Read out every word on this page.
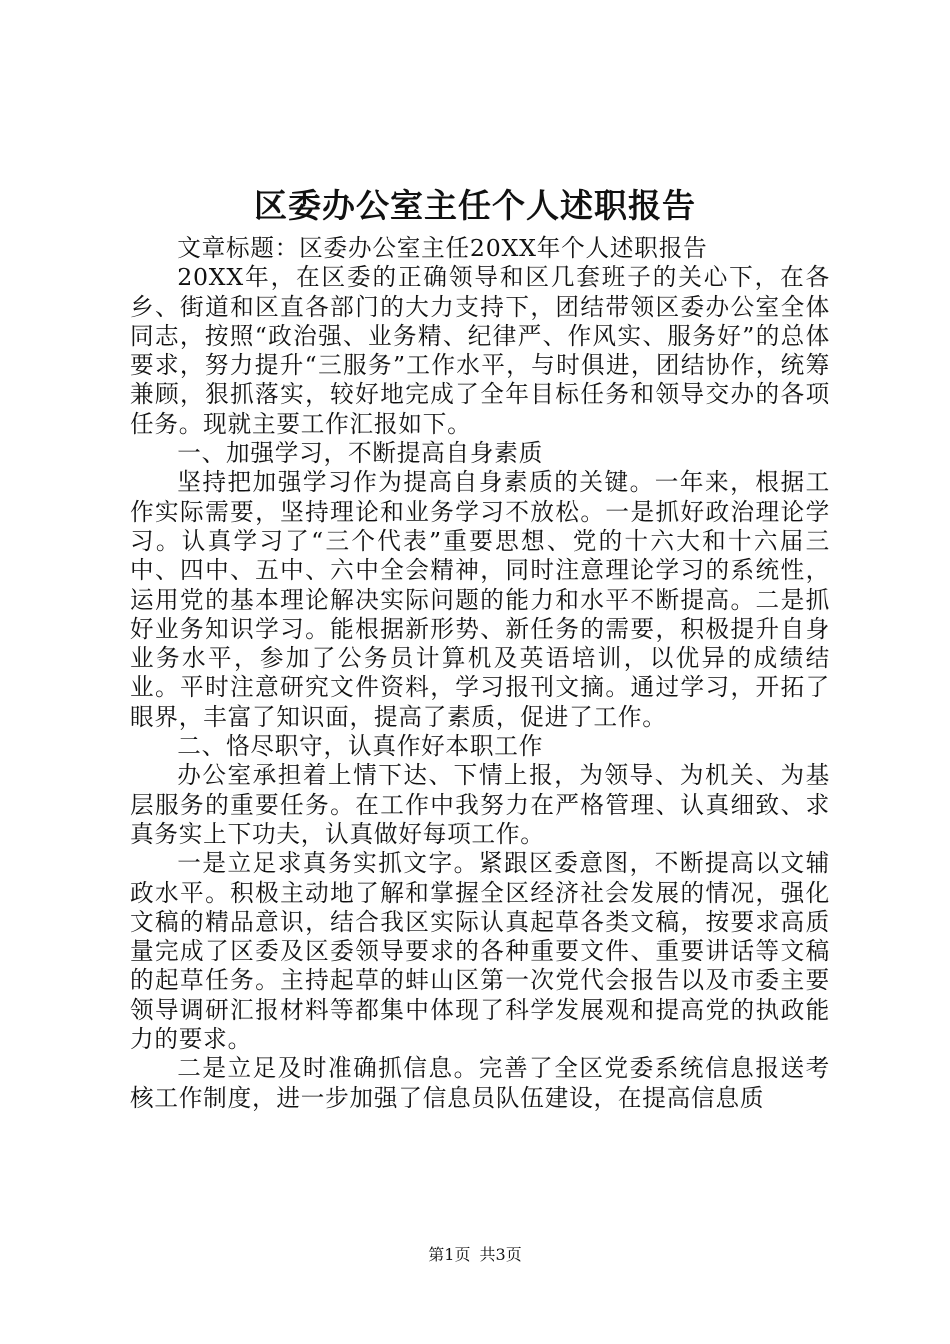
区委办公室主任个人述职报告

文章标题：区委办公室主任20XX年个人述职报告

20XX年，在区委的正确领导和区几套班子的关心下，在各乡、街道和区直各部门的大力支持下，团结带领区委办公室全体同志，按照“政治强、业务精、纪律严、作风实、服务好”的总体要求，努力提升“三服务”工作水平，与时俱进，团结协作，统筹兼顾，狠抓落实，较好地完成了全年目标任务和领导交办的各项任务。现就主要工作汇报如下。

一、加强学习，不断提高自身素质

坚持把加强学习作为提高自身素质的关键。一年来，根据工作实际需要，坚持理论和业务学习不放松。一是抓好政治理论学习。认真学习了“三个代表”重要思想、党的十六大和十六届三中、四中、五中、六中全会精神，同时注意理论学习的系统性，运用党的基本理论解决实际问题的能力和水平不断提高。二是抓好业务知识学习。能根据新形势、新任务的需要，积极提升自身业务水平，参加了公务员计算机及英语培训，以优异的成绩结业。平时注意研究文件资料，学习报刊文摘。通过学习，开拓了眼界，丰富了知识面，提高了素质，促进了工作。

二、恪尽职守，认真作好本职工作

办公室承担着上情下达、下情上报，为领导、为机关、为基层服务的重要任务。在工作中我努力在严格管理、认真细致、求真务实上下功夫，认真做好每项工作。

一是立足求真务实抓文字。紧跟区委意图，不断提高以文辅政水平。积极主动地了解和掌握全区经济社会发展的情况，强化文稿的精品意识，结合我区实际认真起草各类文稿，按要求高质量完成了区委及区委领导要求的各种重要文件、重要讲话等文稿的起草任务。主持起草的蚌山区第一次党代会报告以及市委主要领导调研汇报材料等都集中体现了科学发展观和提高党的执政能力的要求。

二是立足及时准确抓信息。完善了全区党委系统信息报送考核工作制度，进一步加强了信息员队伍建设，在提高信息质

第1页 共3页
